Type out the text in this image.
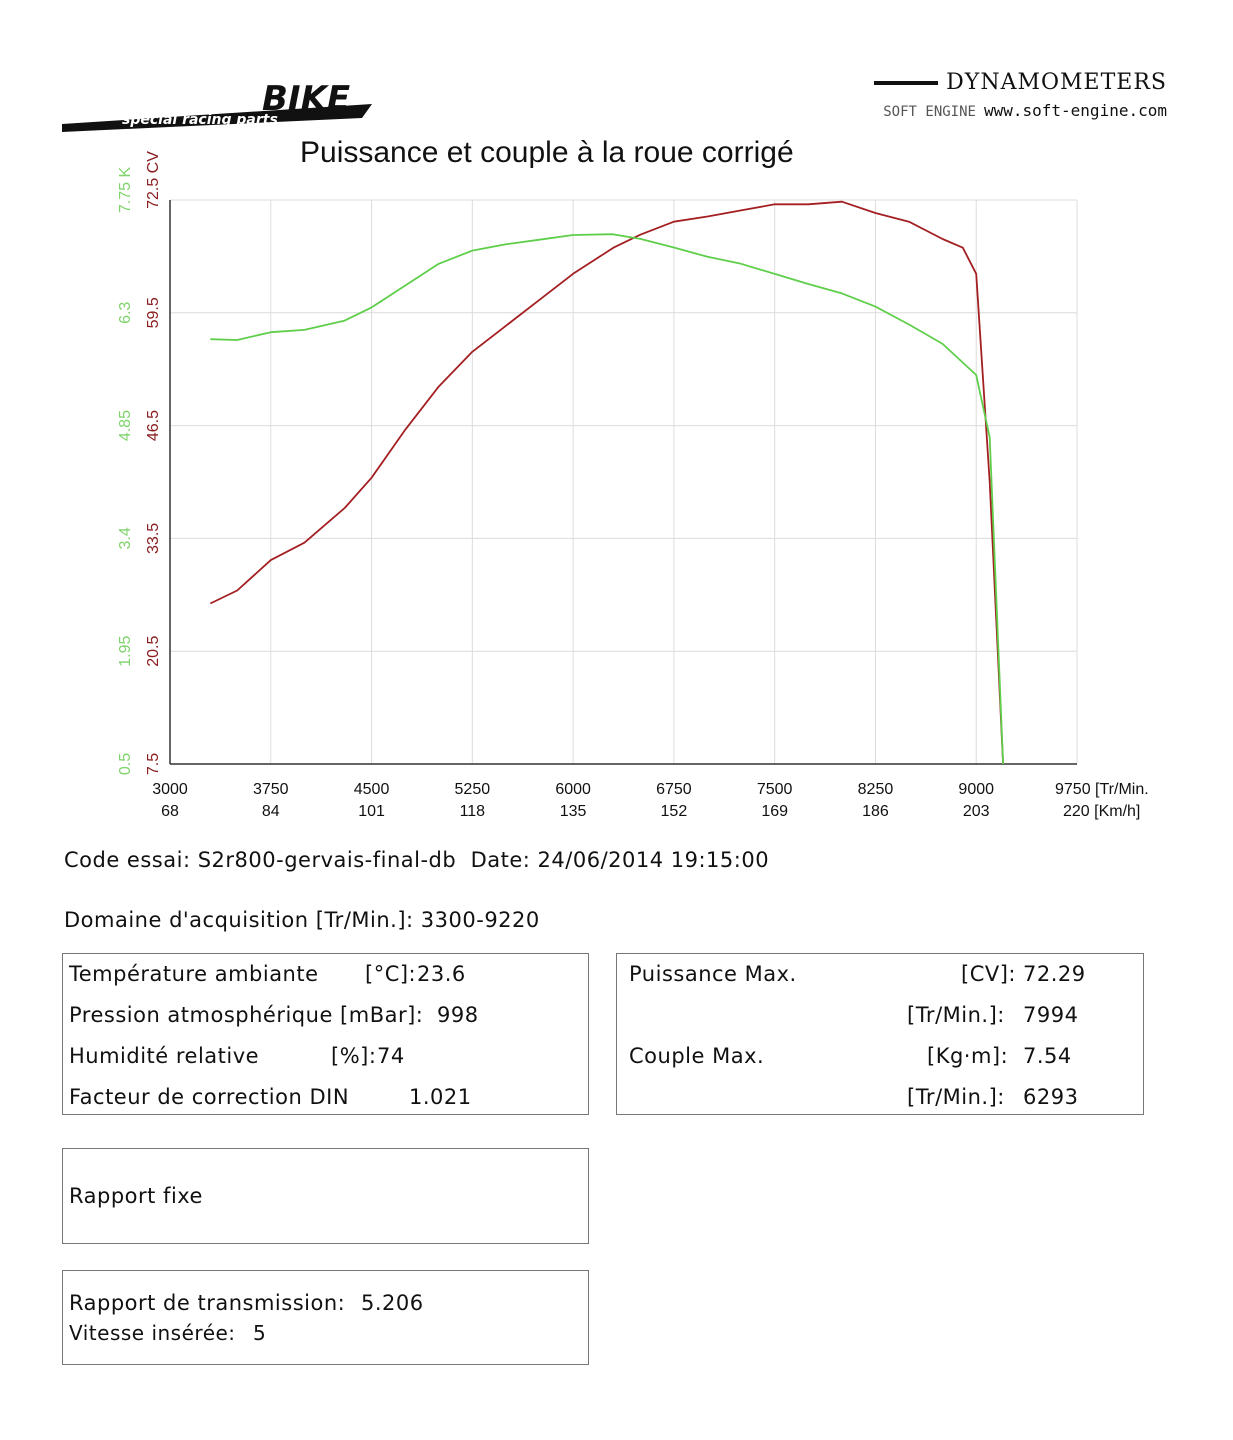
BIKE
special racing parts
DYNAMOMETERS
SOFT ENGINE www.soft-engine.com
Puissance et couple à la roue corrigé
3000
68
3750
84
4500
101
5250
118
6000
135
6750
152
7500
169
8250
186
9000
203
9750 [Tr/Min.
220 [Km/h]
7.5
20.5
33.5
46.5
59.5
72.5 CV
0.5
1.95
3.4
4.85
6.3
7.75 K
Code essai: S2r800-gervais-final-db Date: 24/06/2014 19:15:00
Domaine d'acquisition [Tr/Min.]: 3300-9220
Température ambiante [°C]: 23.6
Pression atmosphérique [mBar]: 998
Humidité relative	[%]: 74
Facteur de correction DIN	1.021
Puissance Max.	[CV]: 72.29
[Tr/Min.]: 7994
Couple Max.	[Kg·m]: 7.54
[Tr/Min.]: 6293
Rapport fixe
Rapport de transmission: 5.206
Vitesse insérée: 5
